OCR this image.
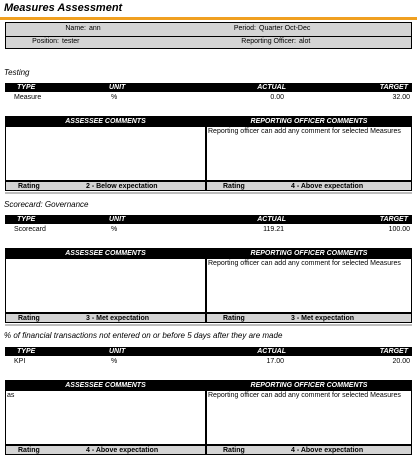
Measures Assessment
Name: ann	Period: Quarter Oct-Dec
Position: tester	Reporting Officer: alot
Testing
TYPE	UNIT	ACTUAL	TARGET
Measure	%	0.00	32.00
ASSESSEE COMMENTS	REPORTING OFFICER COMMENTS
Reporting officer can add any comment for selected Measures
Rating	2 - Below expectation	Rating	4 - Above expectation
Scorecard: Governance
TYPE	UNIT	ACTUAL	TARGET
Scorecard	%	119.21	100.00
ASSESSEE COMMENTS	REPORTING OFFICER COMMENTS
Reporting officer can add any comment for selected Measures
Rating	3 - Met expectation	Rating	3 - Met expectation
% of financial transactions not entered on or before 5 days after they are made
TYPE	UNIT	ACTUAL	TARGET
KPI	%	17.00	20.00
ASSESSEE COMMENTS
as
REPORTING OFFICER COMMENTS
Reporting officer can add any comment for selected Measures
Rating	4 - Above expectation	Rating	4 - Above expectation
